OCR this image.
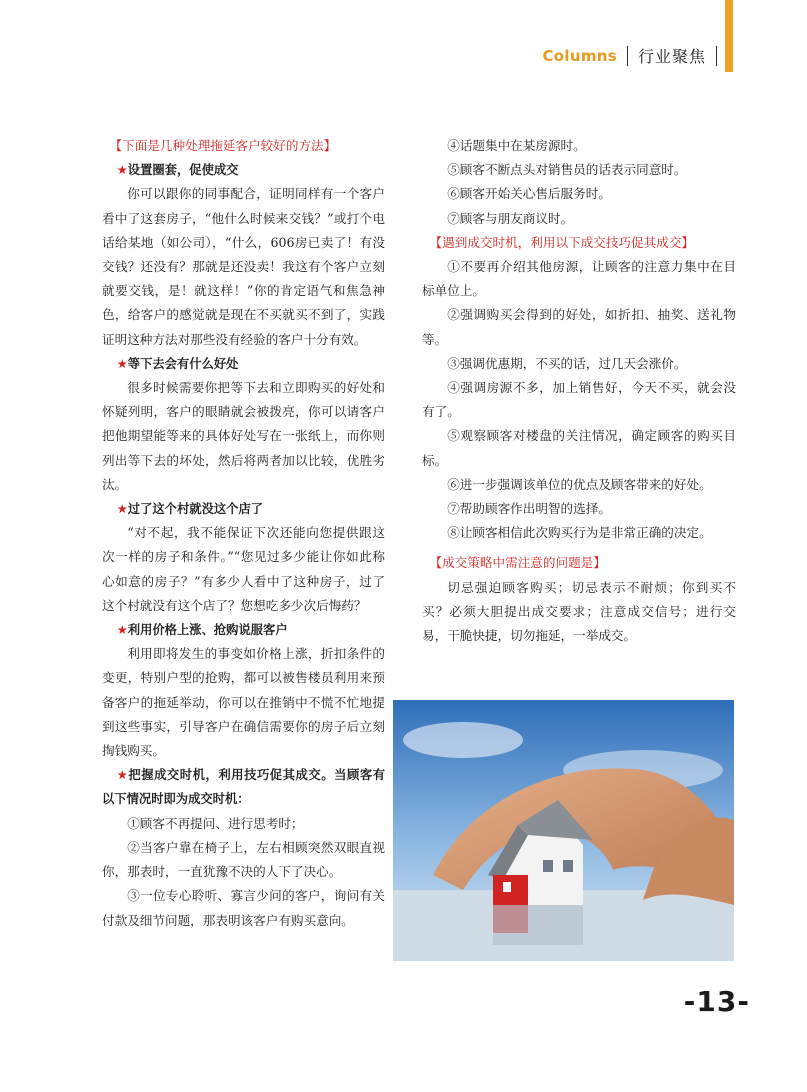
Columns 行业聚焦

【下面是几种处理拖延客户较好的方法】

★设置圈套，促使成交

你可以跟你的同事配合，证明同样有一个客户看中了这套房子，“他什么时候来交钱？”或打个电话给某地（如公司），“什么，606房已卖了！有没交钱？还没有？那就是还没卖！我这有个客户立刻就要交钱，是！就这样！”你的肯定语气和焦急神色，给客户的感觉就是现在不买就买不到了，实践证明这种方法对那些没有经验的客户十分有效。

★等下去会有什么好处

很多时候需要你把等下去和立即购买的好处和怀疑列明，客户的眼睛就会被拨亮，你可以请客户把他期望能等来的具体好处写在一张纸上，而你则列出等下去的坏处，然后将两者加以比较，优胜劣汰。

★过了这个村就没这个店了

“对不起，我不能保证下次还能向您提供跟这次一样的房子和条件。”“您见过多少能让你如此称心如意的房子？”有多少人看中了这种房子，过了这个村就没有这个店了？您想吃多少次后悔药？

★利用价格上涨、抢购说服客户

利用即将发生的事变如价格上涨，折扣条件的变更，特别户型的抢购，都可以被售楼员利用来预备客户的拖延举动，你可以在推销中不慌不忙地提到这些事实，引导客户在确信需要你的房子后立刻掏钱购买。

★把握成交时机，利用技巧促其成交。当顾客有以下情况时即为成交时机：

①顾客不再提问、进行思考时；

②当客户靠在椅子上，左右相顾突然双眼直视你，那表时，一直犹豫不决的人下了决心。

③一位专心聆听、寡言少问的客户，询问有关付款及细节问题，那表明该客户有购买意向。

④话题集中在某房源时。

⑤顾客不断点头对销售员的话表示同意时。

⑥顾客开始关心售后服务时。

⑦顾客与朋友商议时。

【遇到成交时机，利用以下成交技巧促其成交】

①不要再介绍其他房源，让顾客的注意力集中在目标单位上。

②强调购买会得到的好处，如折扣、抽奖、送礼物等。

③强调优惠期，不买的话，过几天会涨价。

④强调房源不多，加上销售好，今天不买，就会没有了。

⑤观察顾客对楼盘的关注情况，确定顾客的购买目标。

⑥进一步强调该单位的优点及顾客带来的好处。

⑦帮助顾客作出明智的选择。

⑧让顾客相信此次购买行为是非常正确的决定。

【成交策略中需注意的问题是】

切忌强迫顾客购买；切忌表示不耐烦；你到买不买？必须大胆提出成交要求；注意成交信号；进行交易，干脆快捷，切勿拖延，一举成交。

-13-
